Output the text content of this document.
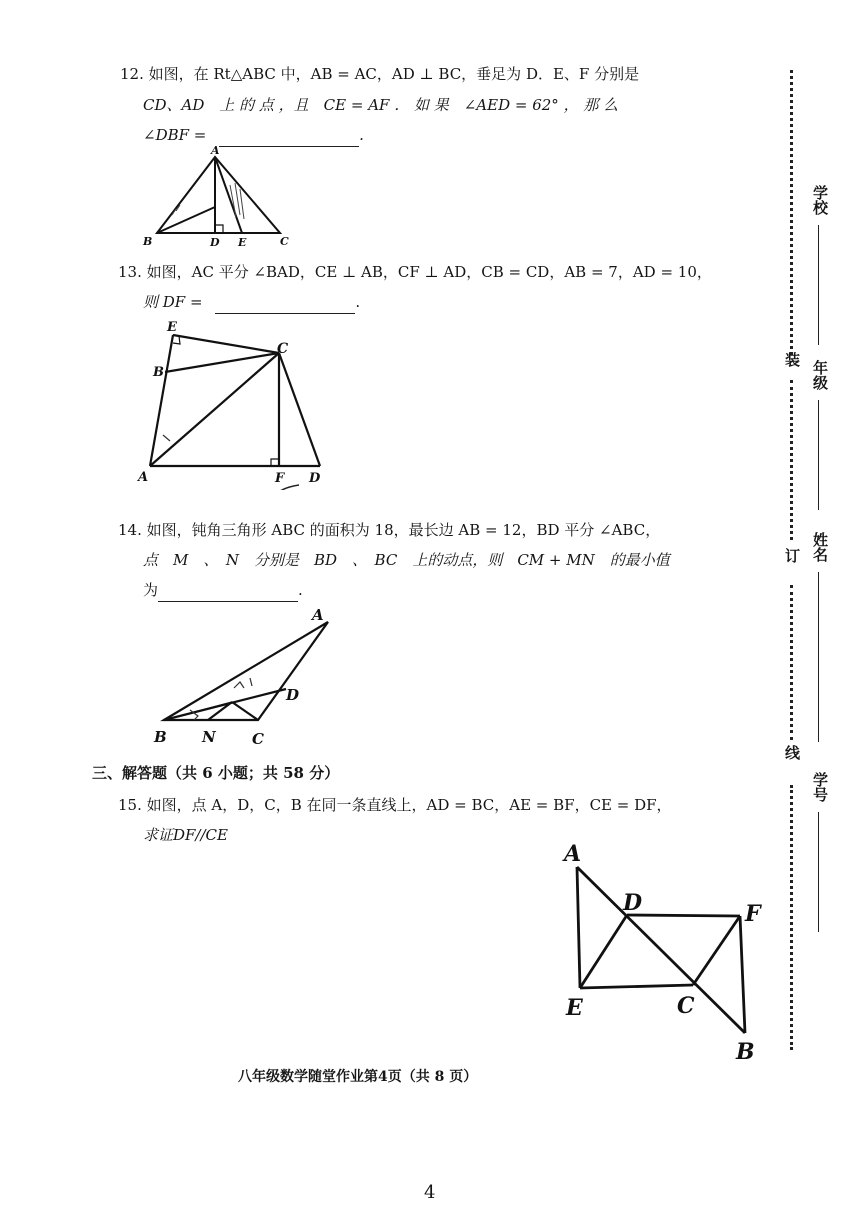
12. 如图，在 Rt△ABC 中，AB = AC，AD ⊥ BC，垂足为 D．E、F 分别是
CD、AD　上 的 点 ，且　CE = AF ． 如 果　∠AED = 62° ， 那 么
∠DBF =	.
A
B	D E	C
13. 如图，AC 平分 ∠BAD，CE ⊥ AB，CF ⊥ AD，CB = CD，AB = 7，AD = 10，
则 DF =	.
E
B
C
A	F D
14. 如图，钝角三角形 ABC 的面积为 18，最长边 AB = 12，BD 平分 ∠ABC，
点　M　、　N　分别是　BD　、　BC　上的动点，则　CM + MN　的最小值
为	.
A
D
B N C
三、解答题（共 6 小题；共 58 分）
15. 如图，点 A，D，C，B 在同一条直线上，AD = BC，AE = BF，CE = DF，
求证DF//CE
A
D	F
E	C
B
八年级数学随堂作业第4页（共 8 页）
4
装
订
线
学校
年级
姓名
学号
